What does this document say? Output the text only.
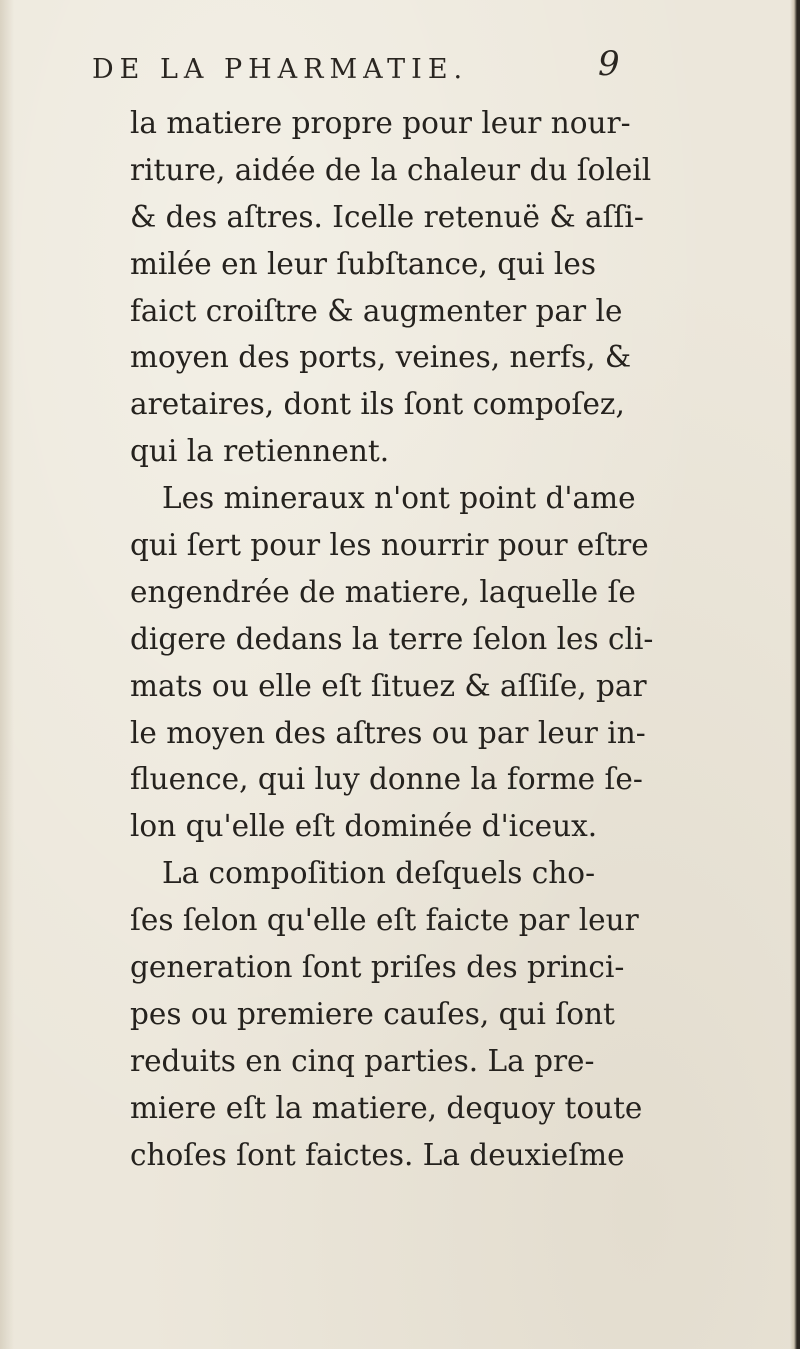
DE LA PHARMATIE.	9
la matiere propre pour leur nour-
riture, aidée de la chaleur du ſoleil
& des aſtres. Icelle retenuë & aſſi-
milée en leur ſubſtance, qui les
faict croiſtre & augmenter par le
moyen des ports, veines, nerfs, &
aretaires, dont ils ſont compoſez,
qui la retiennent.
Les mineraux n'ont point d'ame
qui ſert pour les nourrir pour eſtre
engendrée de matiere, laquelle ſe
digere dedans la terre ſelon les cli-
mats ou elle eſt ſituez & aſſiſe, par
le moyen des aſtres ou par leur in-
fluence, qui luy donne la forme ſe-
lon qu'elle eſt dominée d'iceux.
La compoſition deſquels cho-
ſes ſelon qu'elle eſt faicte par leur
generation ſont priſes des princi-
pes ou premiere cauſes, qui ſont
reduits en cinq parties. La pre-
miere eſt la matiere, dequoy toute
choſes ſont faictes. La deuxieſme
